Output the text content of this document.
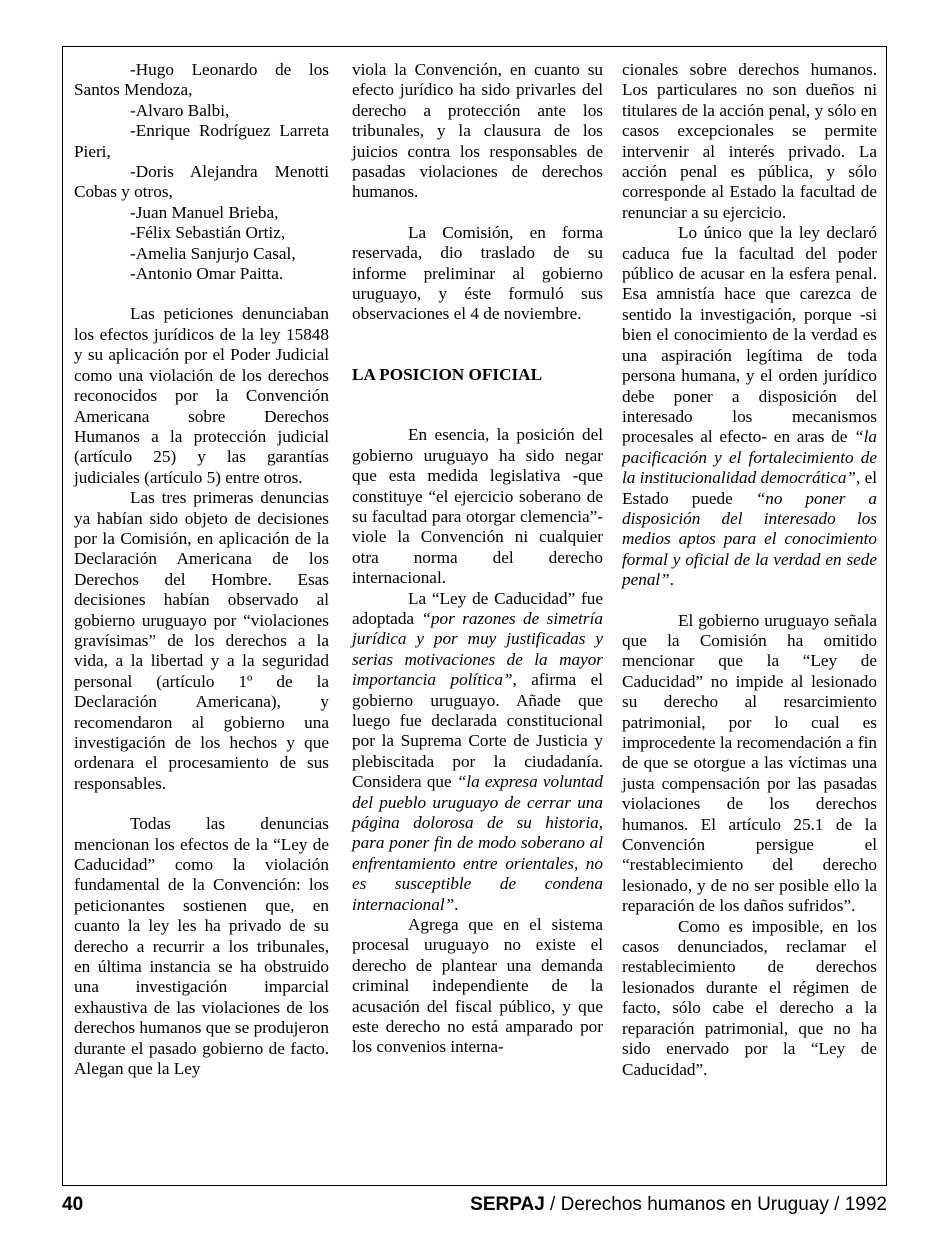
-Hugo Leonardo de los Santos Mendoza,

-Alvaro Balbi,

-Enrique Rodríguez Larreta Pieri,

-Doris Alejandra Menotti Cobas y otros,

-Juan Manuel Brieba,

-Félix Sebastián Ortiz,

-Amelia Sanjurjo Casal,

-Antonio Omar Paitta.

Las peticiones denunciaban los efectos jurídicos de la ley 15848 y su aplicación por el Poder Judicial como una violación de los derechos reconocidos por la Convención Americana sobre Derechos Humanos a la protección judicial (artículo 25) y las garantías judiciales (artículo 5) entre otros.

Las tres primeras denuncias ya habían sido objeto de decisiones por la Comisión, en aplicación de la Declaración Americana de los Derechos del Hombre. Esas decisiones habían observado al gobierno uruguayo por “violaciones gravísimas” de los derechos a la vida, a la libertad y a la seguridad personal (artículo 1º de la Declaración Americana), y recomendaron al gobierno una investigación de los hechos y que ordenara el procesamiento de sus responsables.

Todas las denuncias mencionan los efectos de la “Ley de Caducidad” como la violación fundamental de la Convención: los peticionantes sostienen que, en cuanto la ley les ha privado de su derecho a recurrir a los tribunales, en última instancia se ha obstruido una investigación imparcial exhaustiva de las violaciones de los derechos humanos que se produjeron durante el pasado gobierno de facto. Alegan que la Ley

viola la Convención, en cuanto su efecto jurídico ha sido privarles del derecho a protección ante los tribunales, y la clausura de los juicios contra los responsables de pasadas violaciones de derechos humanos.

La Comisión, en forma reservada, dio traslado de su informe preliminar al gobierno uruguayo, y éste formuló sus observaciones el 4 de noviembre.

LA POSICION OFICIAL

En esencia, la posición del gobierno uruguayo ha sido negar que esta medida legislativa -que constituye “el ejercicio soberano de su facultad para otorgar clemencia”- viole la Convención ni cualquier otra norma del derecho internacional.

La “Ley de Caducidad” fue adoptada “por razones de simetría jurídica y por muy justificadas y serias motivaciones de la mayor importancia política”, afirma el gobierno uruguayo. Añade que luego fue declarada constitucional por la Suprema Corte de Justicia y plebiscitada por la ciudadanía. Considera que “la expresa voluntad del pueblo uruguayo de cerrar una página dolorosa de su historia, para poner fin de modo soberano al enfrentamiento entre orientales, no es susceptible de condena internacional”.

Agrega que en el sistema procesal uruguayo no existe el derecho de plantear una demanda criminal independiente de la acusación del fiscal público, y que este derecho no está amparado por los convenios interna-

cionales sobre derechos humanos. Los particulares no son dueños ni titulares de la acción penal, y sólo en casos excepcionales se permite intervenir al interés privado. La acción penal es pública, y sólo corresponde al Estado la facultad de renunciar a su ejercicio.

Lo único que la ley declaró caduca fue la facultad del poder público de acusar en la esfera penal. Esa amnistía hace que carezca de sentido la investigación, porque -si bien el conocimiento de la verdad es una aspiración legítima de toda persona humana, y el orden jurídico debe poner a disposición del interesado los mecanismos procesales al efecto- en aras de “la pacificación y el fortalecimiento de la institucionalidad democrática”, el Estado puede “no poner a disposición del interesado los medios aptos para el conocimiento formal y oficial de la verdad en sede penal”.

El gobierno uruguayo señala que la Comisión ha omitido mencionar que la “Ley de Caducidad” no impide al lesionado su derecho al resarcimiento patrimonial, por lo cual es improcedente la recomendación a fin de que se otorgue a las víctimas una justa compensación por las pasadas violaciones de los derechos humanos. El artículo 25.1 de la Convención persigue el “restablecimiento del derecho lesionado, y de no ser posible ello la reparación de los daños sufridos”.

Como es imposible, en los casos denunciados, reclamar el restablecimiento de derechos lesionados durante el régimen de facto, sólo cabe el derecho a la reparación patrimonial, que no ha sido enervado por la “Ley de Caducidad”.

40	SERPAJ / Derechos humanos en Uruguay / 1992
